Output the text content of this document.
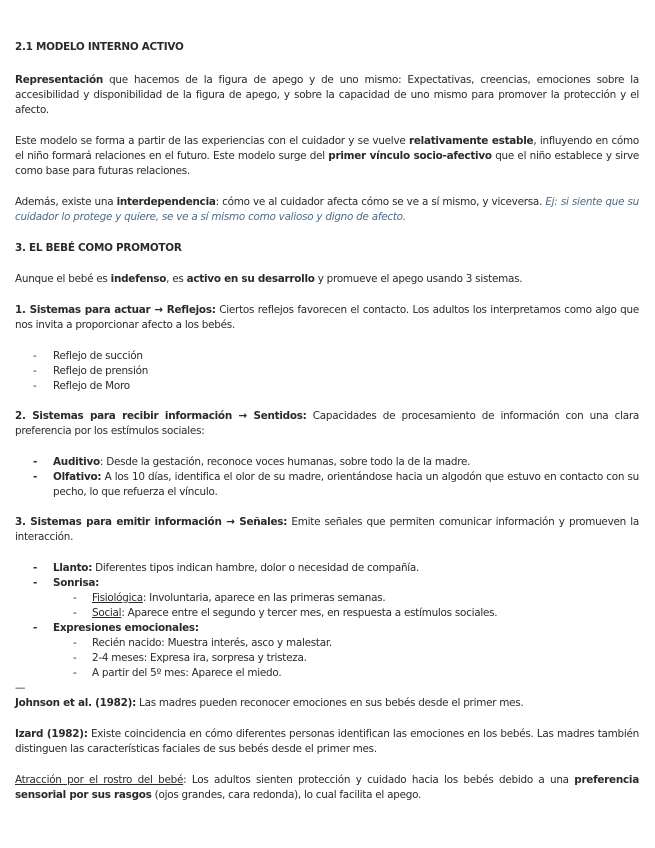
2.1 MODELO INTERNO ACTIVO

Representación que hacemos de la figura de apego y de uno mismo: Expectativas, creencias, emociones sobre la accesibilidad y disponibilidad de la figura de apego, y sobre la capacidad de uno mismo para promover la protección y el afecto.

Este modelo se forma a partir de las experiencias con el cuidador y se vuelve relativamente estable, influyendo en cómo el niño formará relaciones en el futuro. Este modelo surge del primer vínculo socio-afectivo que el niño establece y sirve como base para futuras relaciones.

Además, existe una interdependencia: cómo ve al cuidador afecta cómo se ve a sí mismo, y viceversa. Ej: si siente que su cuidador lo protege y quiere, se ve a sí mismo como valioso y digno de afecto.

3. EL BEBÉ COMO PROMOTOR

Aunque el bebé es indefenso, es activo en su desarrollo y promueve el apego usando 3 sistemas.

1. Sistemas para actuar → Reflejos: Ciertos reflejos favorecen el contacto. Los adultos los interpretamos como algo que nos invita a proporcionar afecto a los bebés.

- Reflejo de succión
- Reflejo de prensión
- Reflejo de Moro

2. Sistemas para recibir información → Sentidos: Capacidades de procesamiento de información con una clara preferencia por los estímulos sociales:

- Auditivo: Desde la gestación, reconoce voces humanas, sobre todo la de la madre.
- Olfativo: A los 10 días, identifica el olor de su madre, orientándose hacia un algodón que estuvo en contacto con su pecho, lo que refuerza el vínculo.

3. Sistemas para emitir información → Señales: Emite señales que permiten comunicar información y promueven la interacción.

- Llanto: Diferentes tipos indican hambre, dolor o necesidad de compañía.
- Sonrisa:
- Fisiológica: Involuntaria, aparece en las primeras semanas.
- Social: Aparece entre el segundo y tercer mes, en respuesta a estímulos sociales.
- Expresiones emocionales:
- Recién nacido: Muestra interés, asco y malestar.
- 2-4 meses: Expresa ira, sorpresa y tristeza.
- A partir del 5º mes: Aparece el miedo.

—

Johnson et al. (1982): Las madres pueden reconocer emociones en sus bebés desde el primer mes.

Izard (1982): Existe coincidencia en cómo diferentes personas identifican las emociones en los bebés. Las madres también distinguen las características faciales de sus bebés desde el primer mes.

Atracción por el rostro del bebé: Los adultos sienten protección y cuidado hacia los bebés debido a una preferencia sensorial por sus rasgos (ojos grandes, cara redonda), lo cual facilita el apego.
